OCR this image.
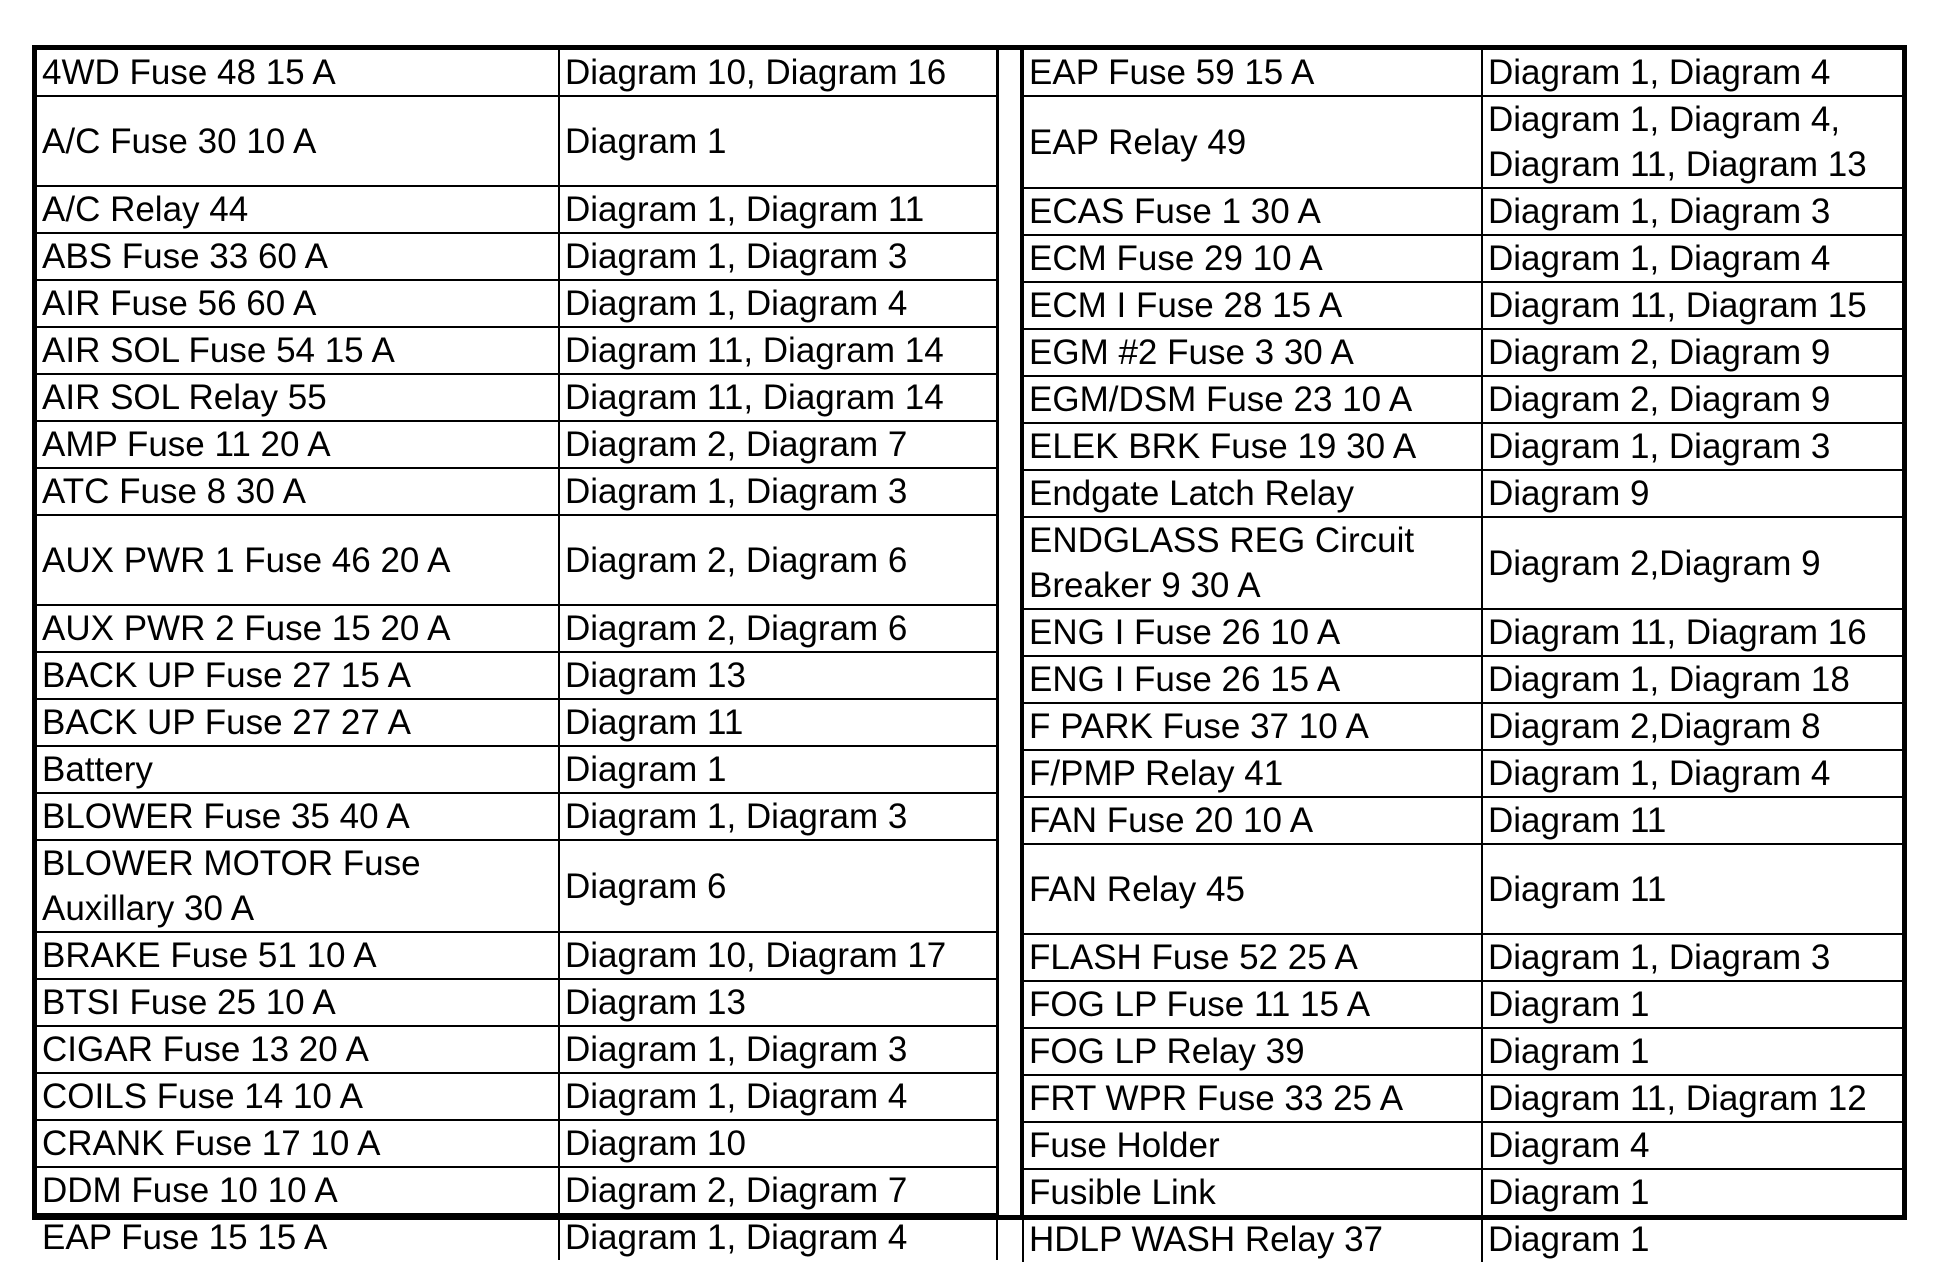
4WD Fuse 48 15 A	Diagram 10, Diagram 16
A/C Fuse 30 10 A	Diagram 1
A/C Relay 44	Diagram 1, Diagram 11
ABS Fuse 33 60 A	Diagram 1, Diagram 3
AIR Fuse 56 60 A	Diagram 1, Diagram 4
AIR SOL Fuse 54 15 A	Diagram 11, Diagram 14
AIR SOL Relay 55	Diagram 11, Diagram 14
AMP Fuse 11 20 A	Diagram 2, Diagram 7
ATC Fuse 8 30 A	Diagram 1, Diagram 3
AUX PWR 1 Fuse 46 20 A	Diagram 2, Diagram 6
AUX PWR 2 Fuse 15 20 A	Diagram 2, Diagram 6
BACK UP Fuse 27 15 A	Diagram 13
BACK UP Fuse 27 27 A	Diagram 11
Battery	Diagram 1
BLOWER Fuse 35 40 A	Diagram 1, Diagram 3
BLOWER MOTOR Fuse Auxillary 30 A	Diagram 6
BRAKE Fuse 51 10 A	Diagram 10, Diagram 17
BTSI Fuse 25 10 A	Diagram 13
CIGAR Fuse 13 20 A	Diagram 1, Diagram 3
COILS Fuse 14 10 A	Diagram 1, Diagram 4
CRANK Fuse 17 10 A	Diagram 10
DDM Fuse 10 10 A	Diagram 2, Diagram 7
EAP Fuse 15 15 A	Diagram 1, Diagram 4
EAP Fuse 59 15 A	Diagram 1, Diagram 4
EAP Relay 49	Diagram 1, Diagram 4, Diagram 11, Diagram 13
ECAS Fuse 1 30 A	Diagram 1, Diagram 3
ECM Fuse 29 10 A	Diagram 1, Diagram 4
ECM I Fuse 28 15 A	Diagram 11, Diagram 15
EGM #2 Fuse 3 30 A	Diagram 2, Diagram 9
EGM/DSM Fuse 23 10 A	Diagram 2, Diagram 9
ELEK BRK Fuse 19 30 A	Diagram 1, Diagram 3
Endgate Latch Relay	Diagram 9
ENDGLASS REG Circuit Breaker 9 30 A	Diagram 2,Diagram 9
ENG I Fuse 26 10 A	Diagram 11, Diagram 16
ENG I Fuse 26 15 A	Diagram 1, Diagram 18
F PARK Fuse 37 10 A	Diagram 2,Diagram 8
F/PMP Relay 41	Diagram 1, Diagram 4
FAN Fuse 20 10 A	Diagram 11
FAN Relay 45	Diagram 11
FLASH Fuse 52 25 A	Diagram 1, Diagram 3
FOG LP Fuse 11 15 A	Diagram 1
FOG LP Relay 39	Diagram 1
FRT WPR Fuse 33 25 A	Diagram 11, Diagram 12
Fuse Holder	Diagram 4
Fusible Link	Diagram 1
HDLP WASH Relay 37	Diagram 1
